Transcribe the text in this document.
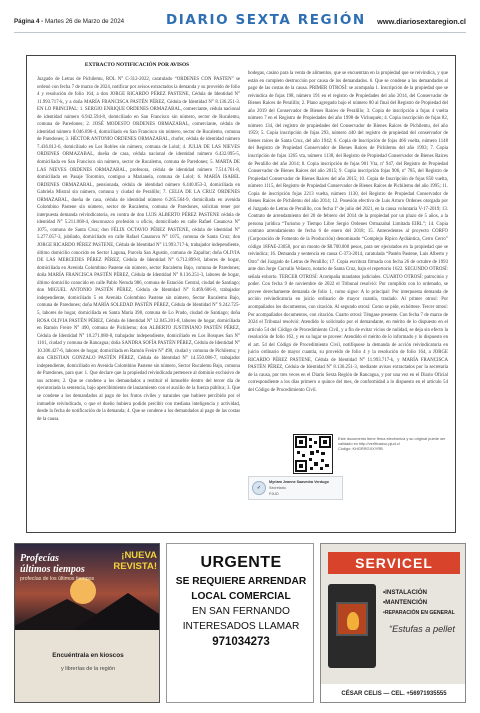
Página 4 - Martes 26 de Marzo de 2024	DIARIO SEXTA REGIÓN www.diariosextaregion.cl
EXTRACTO NOTIFICACIÓN POR AVISOS
Juzgado de Letras de Pichilemu, ROL N° C-312-2022, caratulado “ORDENES CON PASTÉN” se ordenó con fecha 7 de marzo de 2024, notificar por avisos extractados la demanda y su proveído de folio 4 y resolución de folio 164, a don JORGE RICARDO PÉREZ PASTENE, Cédula de Identidad N° 11.993.717-k, y a doña MARÍA FRANCISCA PASTÉN PÉREZ, Cédula de Identidad N° 8.136.251-3. EN LO PRINCIPAL: 1. SERGIO ENRIQUE ORDENES ORMAZABAL, comerciante, cédula nacional de identidad número 6.942.594-8, domiciliado en San Francisco sin número, sector de Rucalemu, comuna de Paredones; 2. JOSÉ MODESTO ORDENES ORMAZABAL, comerciante, cédula de identidad número 8.046.696-4, domiciliado en San Francisco sin número, sector de Rucalemu, comuna de Paredones; 3. HÉCTOR ANTONIO ORDENES ORMAZABAL, chofer, cédula de identidad número 7.436.812-6, domiciliado en Los Robles sin número, comuna de Lolol; 4. JULIA DE LAS NIEVES ORDENES ORMAZABAL, dueña de casa, cédula nacional de identidad número 6.432.095-5, domiciliada en San Francisco sin número, sector de Rucalemu, comuna de Paredones; 5. MARTA DE LAS NIEVES ORDENES ORMAZABAL, profesora, cédula de identidad número 7.514.761-8, domiciliada en Pasaje Toromiro, contiguo a Marianela, comuna de Lolol; 6. MARÍA ISABEL ORDENES ORMAZABAL, pensionada, cédula de identidad número 6.440.053-3, domiciliada en Gabriela Mistral sin número, comuna y ciudad de Peralillo; 7. CELIA DE LA CRUZ ORDENES ORMAZABAL, dueña de casa, cédula de identidad número 6.265.564-9, domiciliada en avenida Colombino Pastene sin número, sector de Rucalemu, comuna de Paredones, solicitan tener por interpuesta demanda reivindicatoria, en contra de don LUIS ALBERTO PÉREZ PASTENE cédula de identidad N° 5.211.068-4, desconozco profesión u oficio, domiciliado en calle Rafael Casanova N° 1075, comuna de Santa Cruz; don FÉLIX OCTAVIO PÉREZ PASTENE, cédula de identidad N° 5.277.057-3, jubilado, domiciliado en calle Rafael Casanova N° 1075, comuna de Santa Cruz; don JORGE RICARDO PÉREZ PASTENE, Cédula de Identidad N° 11.993.717-k, trabajador independiente, último domicilio conocido en Sector Laguna, Parcela San Agustín, comuna de Zapallar; doña OLIVIA DE LAS MERCEDES PÉREZ PÉREZ, Cédula de Identidad N° 6.712.899-8, labores de hogar, domiciliada en Avenida Colombino Pastene sin número, sector Rucalemu Bajo, comuna de Paredones; doña MARÍA FRANCISCA PASTÉN PÉREZ, Cédula de Identidad N° 8.136.251-3, labores de hogar, último domicilio conocido en calle Pablo Neruda 986, comuna de Estación Central, ciudad de Santiago; don MIGUEL ANTONIO PASTÉN PÉREZ, Cédula de Identidad N° 8.469.606-8, trabajador independiente, domiciliado 5 en Avenida Colombino Pastene sin número, Sector Rucalemu Bajo, comuna de Paredones; doña MARÍA SOLEDAD PASTÉN PÉREZ, Cédula de Identidad N° 9.242.725-5, labores de hogar, domiciliada en Santa María 398, comuna de Lo Prado, ciudad de Santiago; doña ROSA OLIVIA PASTÉN PÉREZ, Cédula de Identidad N° 12.045.201-8, labores de hogar, domiciliada en Ramón Freire N° 490, comuna de Pichilemu; don ALBERTO JUSTINIANO PASTÉN PÉREZ, Cédula de Identidad N° 10.271.080-8, trabajador independiente, domiciliado en Los Bosques San N° 1161, ciudad y comuna de Rancagua; doña SANDRA SOFÍA PASTÉN PÉREZ, Cédula de Identidad N° 10.306.427-6, labores de hogar, domiciliada en Ramón Freire N° 490, ciudad y comuna de Pichilemu; y don CRISTIAN GONZALO PASTÉN PÉREZ, Cédula de Identidad N° 14.550.086-7, trabajador independiente, domiciliado en Avenida Colombino Pastene sin número, Sector Rucalemu Bajo, comuna de Paredones, para que: 1. Que declare que la propiedad reivindicada pertenece al dominio exclusivo de sus actores; 2. Que se condene a los demandados a restituir el inmueble dentro del tercer día de ejecutoriada la sentencia, bajo apercibimiento de lanzamiento con el auxilio de la fuerza pública; 3. Que se condene a los demandados al pago de los frutos civiles y naturales que hubiere percibido por el inmueble reivindicado, o que el dueño hubiera podido percibir con mediana inteligencia y actividad, desde la fecha de notificación de la demanda; 4. Que se condene a los demandados al pago de las costas de la causa.
bodegas, casino para la venta de alimentos, que se encuentran en la propiedad que se reivindica, y que están en completo destrucción por causa de los demandados. 6. Que se condene a los demandados al pago de las costas de la causa. PRIMER OTROSÍ: se acompaña 1. Inscripción de la propiedad que se reivindica de fojas 198, número 191 en el registro de Propiedades del año 2014, del Conservador de Bienes Raíces de Peralillo; 2. Plano agregado bajo el número 80 al final del Registro de Propiedad del año 2019 del Conservador de Bienes Raíces de Peralillo; 3. Copia de inscripción a fojas 4 vuelta número 7 en el Registro de Propiedades del año 1998 de Vichuquén; 4. Copia inscripción de fojas 82, número 134, del registro de propiedades del Conservador de Bienes Raíces de Pichilemu, del año 1959; 5. Copia inscripción de fojas 293, número 440 del registro de propiedad del conservador de bienes raíces de Santa Cruz, del año 1942; 6. Copia de Inscripción de fojas 466 vuelta, número 1148 del Registro de Propiedad Conservador de Bienes Raíces de Pichilemu del año 1993; 7. Copia inscripción de fojas 1265 vta, número 1138, del Registro de Propiedad Conservador de Bienes Raíces de Peralillo del año 2014; 8. Copia inscripción de fojas 901 Vta, nº 947, del Registro de Propiedad Conservador de Bienes Raíces del año 2015; 9. Copia inscripción fojas 906, nº 785, del Registro de Propiedad Conservador de Bienes Raíces del año 2015; 10. Copia de Inscripción de fojas 850 vuelta, número 1115, del Registro de Propiedad Conservador de Bienes Raíces de Pichilemu del año 1995; 11. Copia de inscripción fojas 2213 vuelta, número 1130, del Registro de Propiedad Conservador de Bienes Raíces de Pichilemu del año 2014; 12. Posesión efectiva de Luis Arturo Ordenes otorgada por el Juzgado de Letras de Peralillo, con fecha 1º de julio del 2021, en la causa voluntaria V-17-2019; 13. Contrato de arrendamiento del 20 de febrero del 2014 de la propiedad por un plazo de 5 años, a la persona jurídica “Turismo y Tiempo Libre Sergio Ordenes Ormazabal Limitada EIRL”; 14. Copia contrato arrendamiento de fecha 6 de enero del 2018; 15. Antecedentes al proyecto CORFO (Corporación de Fomento de la Producción) denominado “Complejo Rípico Aydiántica, Cerro Cerro” código 18FAE-23058, por un monto de $8.700.000 pesos, para ser ejecutados en la propiedad que se reivindica; 16. Demanda y sentencia en causa C-373-2014, caratulada “Pastén Pastene, Luis Alberto y Otro” del Juzgado de Letras de Peralillo; 17. Copia escritura firmada con fecha 26 de octubre de 1993 ante don Jorge Carvallo Velasco, notario de Santa Cruz, bajo el repertorio 1622. SEGUNDO OTROSÍ: señala exhorto. TERCER OTROSÍ: Acompaña mandatos judiciales. CUARTO OTROSÍ: patrocinio y poder. Con fecha 9 de noviembre de 2022 el Tribunal resolvió: Por cumplido con lo ordenado, se provee derechamente demanda de folio 1, como sigue: A lo principal: Por interpuesta demanda de acción reivindicatoria en juicio ordinario de mayor cuantía, traslado. Al primer otrosí: Por acompañados los documentos, con citación. Al segundo otrosí: Como se pide, exhórtese. Tercer otrosí: Por acompañados documentos, con citación. Cuarto otrosí: Téngase presente. Con fecha 7 de marzo de 2024 el Tribunal resolvió: Atendido lo solicitado por el demandante, en mérito de lo dispuesto en el artículo 54 del Código de Procedimiento Civil, y a fin de evitar vicios de nulidad, se deja sin efecto la resolución de folio 162, y en su lugar se provee: Atendido el mérito de lo informado y lo dispuesto en el art. 54 del Código de Procedimiento Civil, notifíquese la demanda de acción reivindicatoria en juicio ordinario de mayor cuantía, su proveído de folio 4 y la resolución de folio 164, a JORGE RICARDO PÉREZ PASTENE, Cédula de Identidad N° 11.993.717-k, y MARÍA FRANCISCA PASTÉN PÉREZ, Cédula de Identidad N° 8.136.251-3, mediante avisos extractados por la secretaría de la causa, por tres veces en el Diario Sexta Región de Rancagua, y por una vez en el Diario Oficial correspondiente a los días primero o quince del mes, de conformidad a lo dispuesto en el artículo 54 del Código de Procedimiento Civil.
Este documento tiene firma electrónica y su original puede ser validado en http://verificadoc.pjud.cl
Código: KHGRRGXXYRB
✓
Myriam Jeanne Saavedra Verdugo
Secretario
PJUD
Profecías
últimos tiempos
profecías de los últimos tiempos
¡NUEVA REVISTA!
Encuéntrala en kioscos
y librerías de la región
URGENTE
SE REQUIERE ARRENDAR
LOCAL COMERCIAL
EN SAN FERNANDO
INTERESADOS LLAMAR
971034273
SERVICEL
•INSTALACIÓN
•MANTENCIÓN
•REPARACIÓN EN GENERAL
“Estufas a pellet
CÉSAR CELIS — CEL. +56971935555
